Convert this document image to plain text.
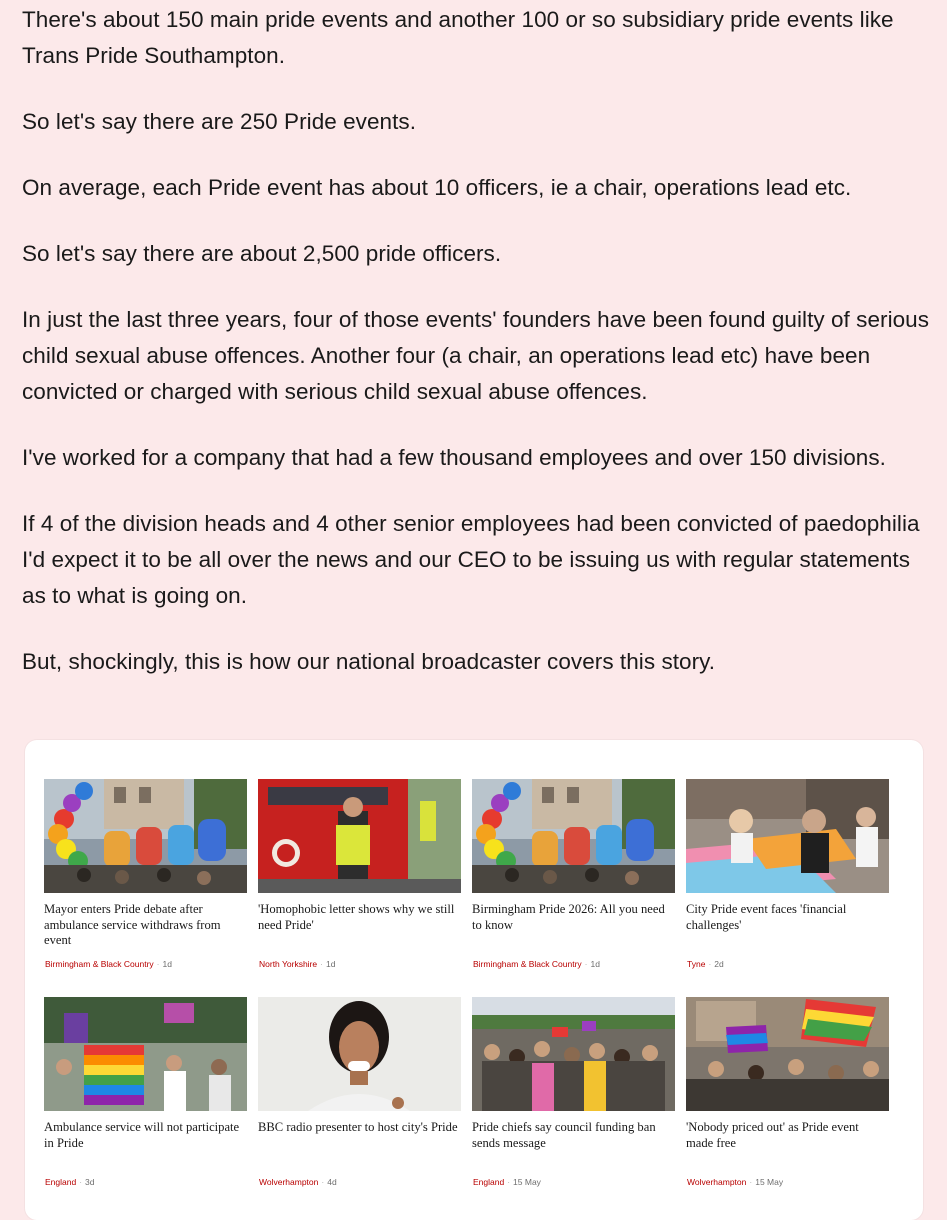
There's about 150 main pride events and another 100 or so subsidiary pride events like Trans Pride Southampton.

So let's say there are 250 Pride events.

On average, each Pride event has about 10 officers, ie a chair, operations lead etc.

So let's say there are about 2,500 pride officers.

In just the last three years, four of those events' founders have been found guilty of serious child sexual abuse offences. Another four (a chair, an operations lead etc) have been convicted or charged with serious child sexual abuse offences.

I've worked for a company that had a few thousand employees and over 150 divisions.

If 4 of the division heads and 4 other senior employees had been convicted of paedophilia I'd expect it to be all over the news and our CEO to be issuing us with regular statements as to what is going on.

But, shockingly, this is how our national broadcaster covers this story.

Mayor enters Pride debate after ambulance service withdraws from event
Birmingham & Black Country · 1d
'Homophobic letter shows why we still need Pride'
North Yorkshire · 1d
Birmingham Pride 2026: All you need to know
Birmingham & Black Country · 1d
City Pride event faces 'financial challenges'
Tyne · 2d
Ambulance service will not participate in Pride
England · 3d
BBC radio presenter to host city's Pride
Wolverhampton · 4d
Pride chiefs say council funding ban sends message
England · 15 May
'Nobody priced out' as Pride event made free
Wolverhampton · 15 May
